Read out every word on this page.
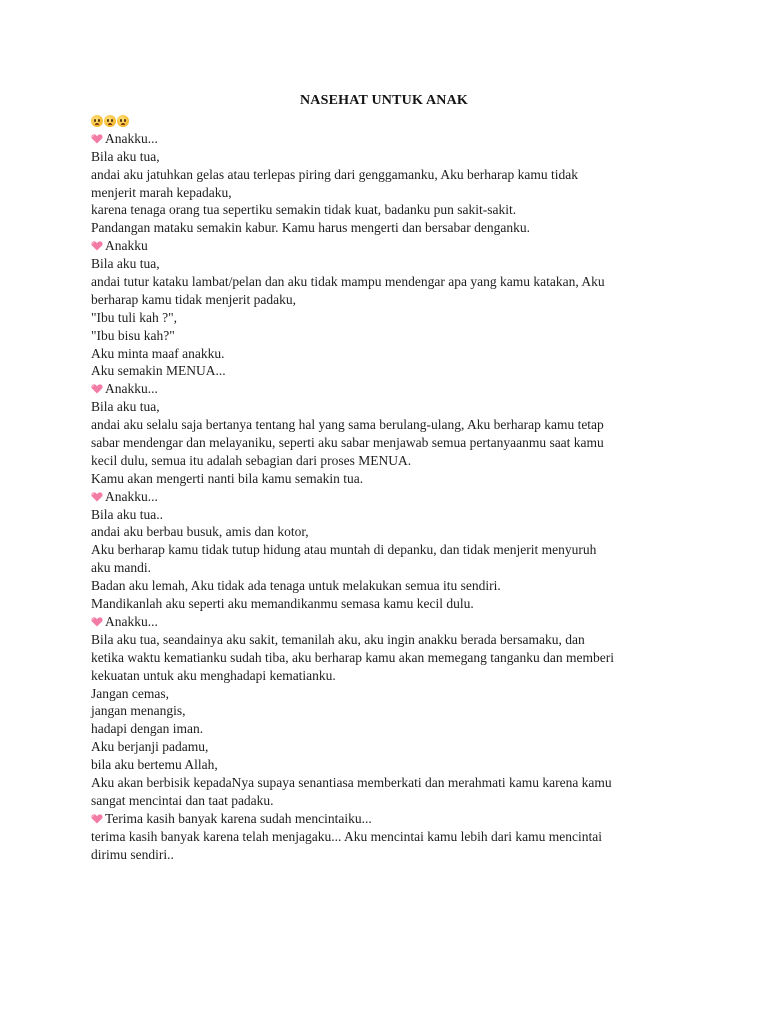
NASEHAT UNTUK ANAK
Anakku...
Bila aku tua,
andai aku jatuhkan gelas atau terlepas piring dari genggamanku, Aku berharap kamu tidak
menjerit marah kepadaku,
karena tenaga orang tua sepertiku semakin tidak kuat, badanku pun sakit-sakit.
Pandangan mataku semakin kabur. Kamu harus mengerti dan bersabar denganku.
Anakku
Bila aku tua,
andai tutur kataku lambat/pelan dan aku tidak mampu mendengar apa yang kamu katakan, Aku
berharap kamu tidak menjerit padaku,
"Ibu tuli kah ?",
"Ibu bisu kah?"
Aku minta maaf anakku.
Aku semakin MENUA...
Anakku...
Bila aku tua,
andai aku selalu saja bertanya tentang hal yang sama berulang-ulang, Aku berharap kamu tetap
sabar mendengar dan melayaniku, seperti aku sabar menjawab semua pertanyaanmu saat kamu
kecil dulu, semua itu adalah sebagian dari proses MENUA.
Kamu akan mengerti nanti bila kamu semakin tua.
Anakku...
Bila aku tua..
andai aku berbau busuk, amis dan kotor,
Aku berharap kamu tidak tutup hidung atau muntah di depanku, dan tidak menjerit menyuruh
aku mandi.
Badan aku lemah, Aku tidak ada tenaga untuk melakukan semua itu sendiri.
Mandikanlah aku seperti aku memandikanmu semasa kamu kecil dulu.
Anakku...
Bila aku tua, seandainya aku sakit, temanilah aku, aku ingin anakku berada bersamaku, dan
ketika waktu kematianku sudah tiba, aku berharap kamu akan memegang tanganku dan memberi
kekuatan untuk aku menghadapi kematianku.
Jangan cemas,
jangan menangis,
hadapi dengan iman.
Aku berjanji padamu,
bila aku bertemu Allah,
Aku akan berbisik kepadaNya supaya senantiasa memberkati dan merahmati kamu karena kamu
sangat mencintai dan taat padaku.
Terima kasih banyak karena sudah mencintaiku...
terima kasih banyak karena telah menjagaku... Aku mencintai kamu lebih dari kamu mencintai
dirimu sendiri..
